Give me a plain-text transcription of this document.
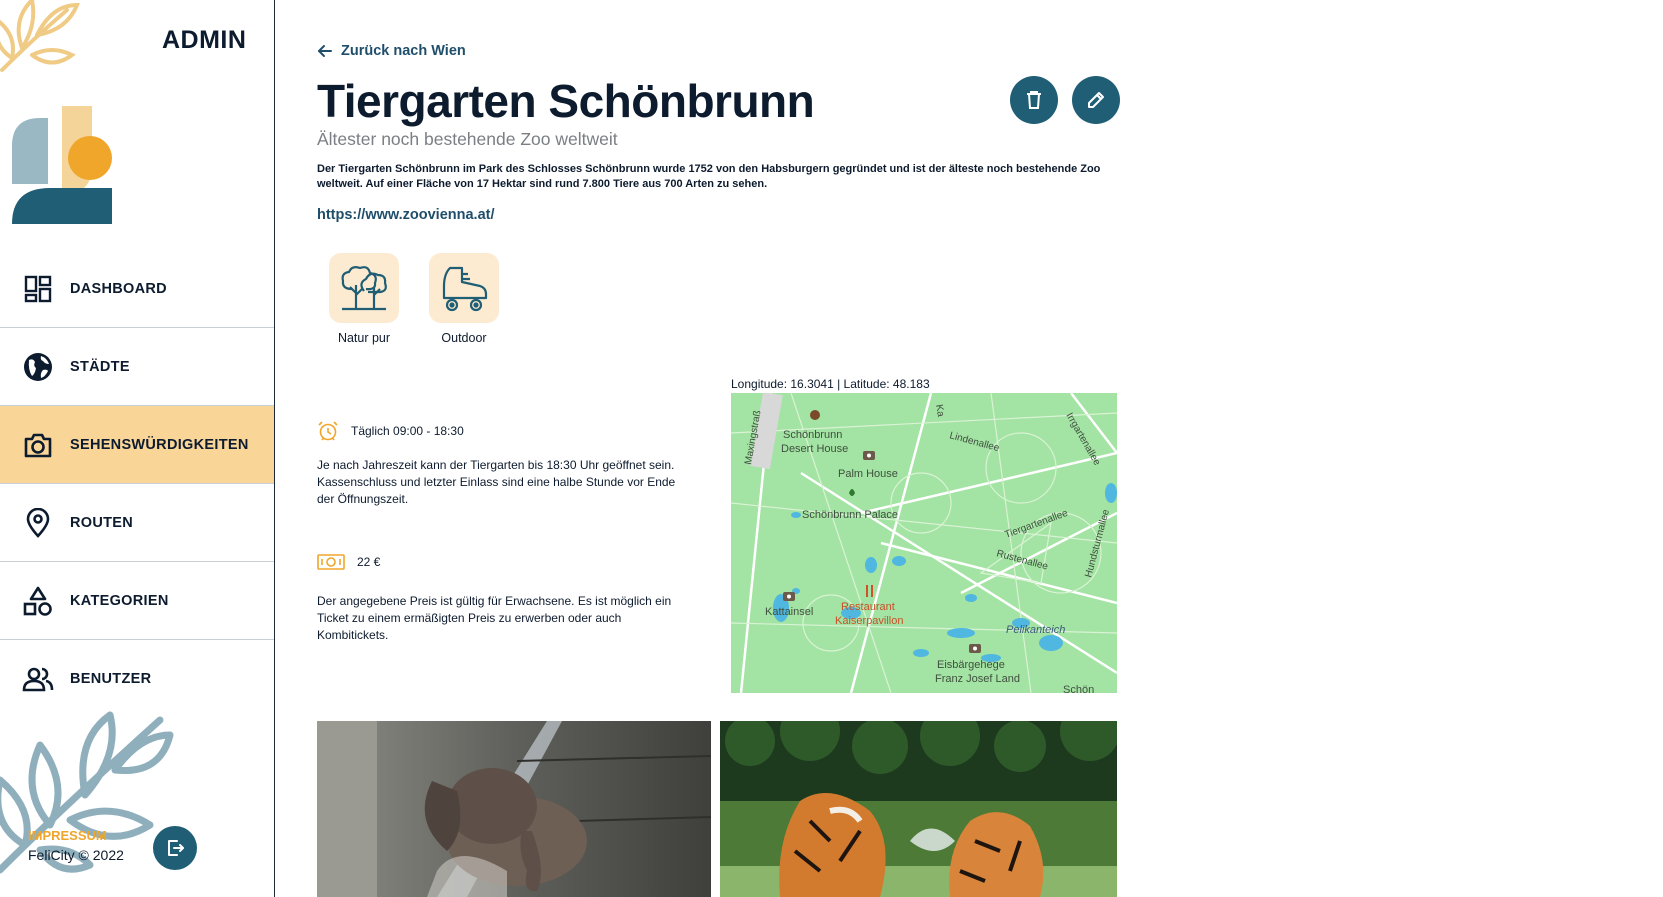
ADMIN
DASHBOARD
STÄDTE
SEHENSWÜRDIGKEITEN
ROUTEN
KATEGORIEN
BENUTZER
IMPRESSUM
FeliCity © 2022
Zurück nach Wien
Tiergarten Schönbrunn
Ältester noch bestehende Zoo weltweit

Der Tiergarten Schönbrunn im Park des Schlosses Schönbrunn wurde 1752 von den Habsburgern gegründet und ist der älteste noch bestehende Zoo weltweit. Auf einer Fläche von 17 Hektar sind rund 7.800 Tiere aus 700 Arten zu sehen.

https://www.zoovienna.at/
Natur pur	Outdoor
Täglich 09:00 - 18:30

Je nach Jahreszeit kann der Tiergarten bis 18:30 Uhr geöffnet sein. Kassenschluss und letzter Einlass sind eine halbe Stunde vor Ende der Öffnungszeit.

22 €

Der angegebene Preis ist gültig für Erwachsene. Es ist möglich ein Ticket zu einem ermäßigten Preis zu erwerben oder auch Kombitickets.

Longitude: 16.3041 | Latitude: 48.183
Schönbrunn
Desert House
Palm House
Schönbrunn Palace
Kattainsel
Eisbärgehege
Franz Josef Land
Schön
Lindenallee
Tiergartenallee
Rustenallee
Irrgartenallee
Hundsturmallee
Maxingstraß	Ka
Pelikanteich
Restaurant
Kaiserpavillon
